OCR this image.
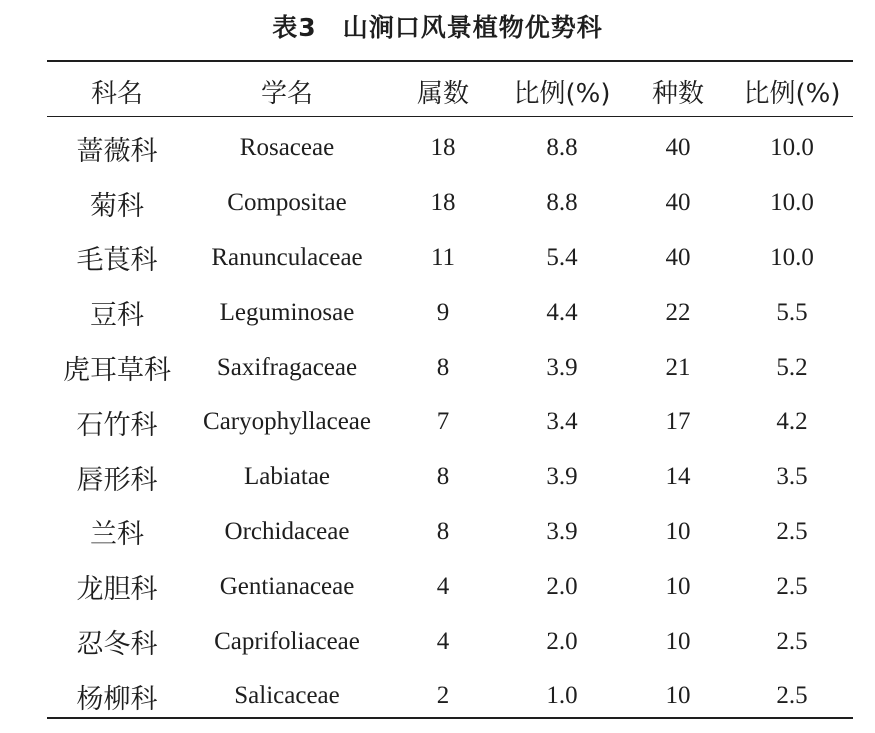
表3 山涧口风景植物优势科
科名	学名	属数	比例(%)	种数	比例(%)
蔷薇科	Rosaceae	18	8.8	40	10.0
菊科	Compositae	18	8.8	40	10.0
毛茛科	Ranunculaceae	11	5.4	40	10.0
豆科	Leguminosae	9	4.4	22	5.5
虎耳草科	Saxifragaceae	8	3.9	21	5.2
石竹科	Caryophyllaceae	7	3.4	17	4.2
唇形科	Labiatae	8	3.9	14	3.5
兰科	Orchidaceae	8	3.9	10	2.5
龙胆科	Gentianaceae	4	2.0	10	2.5
忍冬科	Caprifoliaceae	4	2.0	10	2.5
杨柳科	Salicaceae	2	1.0	10	2.5
